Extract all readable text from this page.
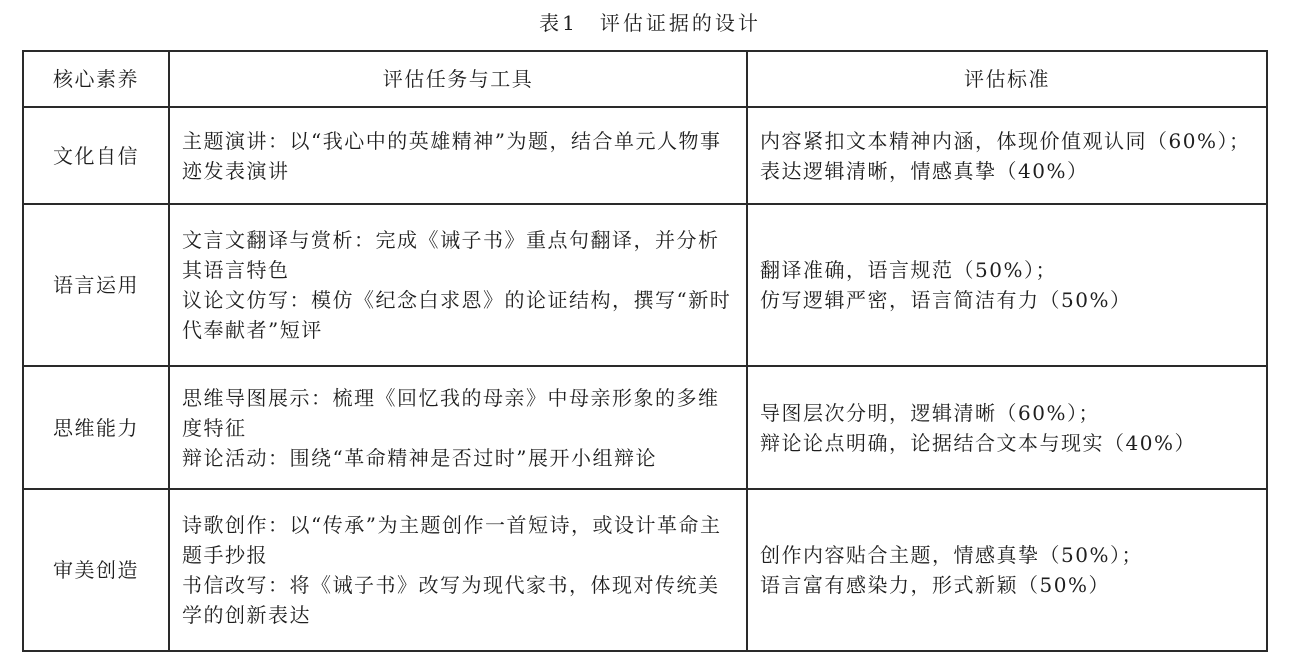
表1 评估证据的设计
核心素养	评估任务与工具	评估标准
文化自信	主题演讲：以“我心中的英雄精神”为题，结合单元人物事迹发表演讲	内容紧扣文本精神内涵，体现价值观认同（60%）；
表达逻辑清晰，情感真挚（40%）

语言运用	文言文翻译与赏析：完成《诫子书》重点句翻译，并分析其语言特色
议论文仿写：模仿《纪念白求恩》的论证结构，撰写“新时代奉献者”短评	翻译准确，语言规范（50%）；
仿写逻辑严密，语言简洁有力（50%）

思维能力	思维导图展示：梳理《回忆我的母亲》中母亲形象的多维度特征
辩论活动：围绕“革命精神是否过时”展开小组辩论	导图层次分明，逻辑清晰（60%）；
辩论论点明确，论据结合文本与现实（40%）

审美创造	诗歌创作：以“传承”为主题创作一首短诗，或设计革命主题手抄报
书信改写：将《诫子书》改写为现代家书，体现对传统美学的创新表达	创作内容贴合主题，情感真挚（50%）；
语言富有感染力，形式新颖（50%）
